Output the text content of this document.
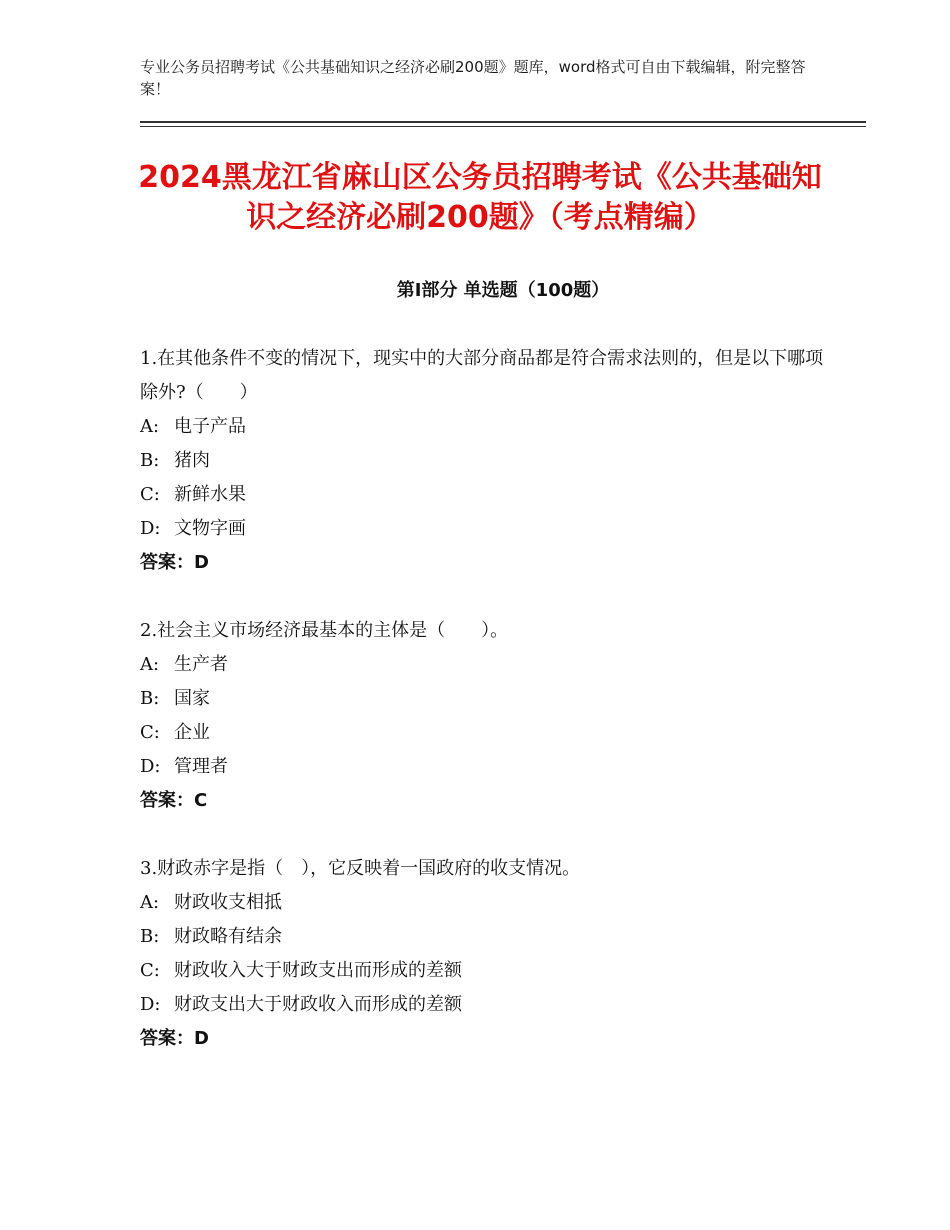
专业公务员招聘考试《公共基础知识之经济必刷200题》题库，word格式可自由下载编辑，附完整答案！
2024黑龙江省麻山区公务员招聘考试《公共基础知识之经济必刷200题》（考点精编）
第Ⅰ部分 单选题（100题）

1.在其他条件不变的情况下，现实中的大部分商品都是符合需求法则的，但是以下哪项除外?（　　）

A: 电子产品

B: 猪肉

C: 新鲜水果

D: 文物字画

答案：D

2.社会主义市场经济最基本的主体是（　　）。

A: 生产者

B: 国家

C: 企业

D: 管理者

答案：C

3.财政赤字是指（　），它反映着一国政府的收支情况。

A: 财政收支相抵

B: 财政略有结余

C: 财政收入大于财政支出而形成的差额

D: 财政支出大于财政收入而形成的差额

答案：D
